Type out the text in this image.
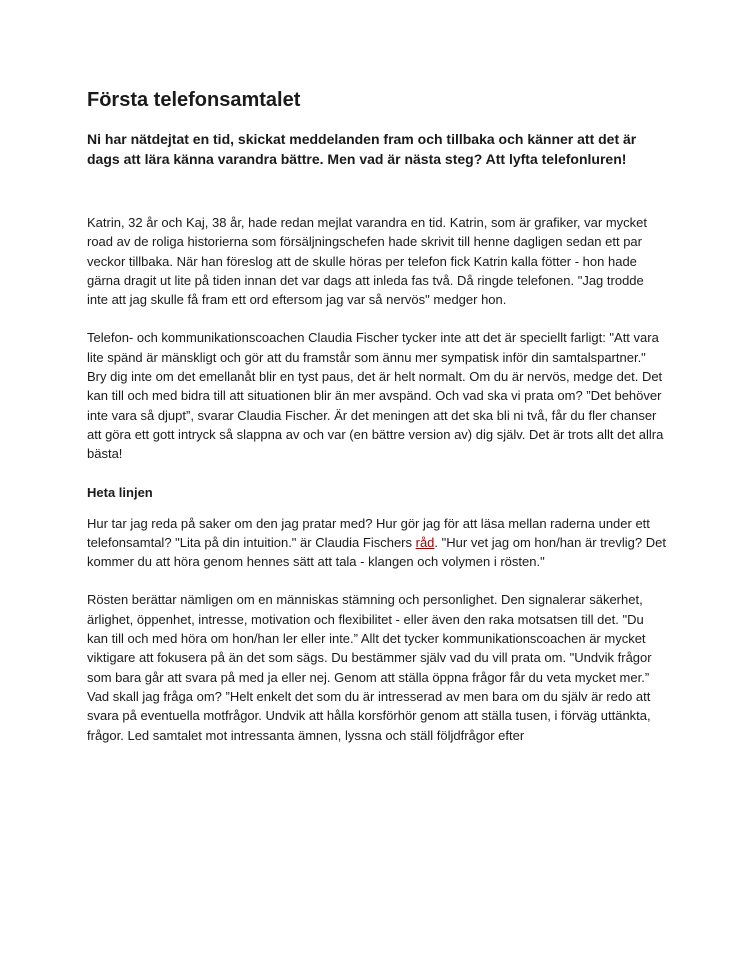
Första telefonsamtalet

Ni har nätdejtat en tid, skickat meddelanden fram och tillbaka och känner att det är dags att lära känna varandra bättre. Men vad är nästa steg? Att lyfta telefonluren!

Katrin, 32 år och Kaj, 38 år, hade redan mejlat varandra en tid. Katrin, som är grafiker, var mycket road av de roliga historierna som försäljningschefen hade skrivit till henne dagligen sedan ett par veckor tillbaka. När han föreslog att de skulle höras per telefon fick Katrin kalla fötter - hon hade gärna dragit ut lite på tiden innan det var dags att inleda fas två. Då ringde telefonen. "Jag trodde inte att jag skulle få fram ett ord eftersom jag var så nervös" medger hon.

Telefon- och kommunikationscoachen Claudia Fischer tycker inte att det är speciellt farligt: "Att vara lite spänd är mänskligt och gör att du framstår som ännu mer sympatisk inför din samtalspartner." Bry dig inte om det emellanåt blir en tyst paus, det är helt normalt. Om du är nervös, medge det. Det kan till och med bidra till att situationen blir än mer avspänd. Och vad ska vi prata om? ”Det behöver inte vara så djupt”, svarar Claudia Fischer. Är det meningen att det ska bli ni två, får du fler chanser att göra ett gott intryck så slappna av och var (en bättre version av) dig själv. Det är trots allt det allra bästa!

Heta linjen

Hur tar jag reda på saker om den jag pratar med? Hur gör jag för att läsa mellan raderna under ett telefonsamtal? "Lita på din intuition." är Claudia Fischers råd. "Hur vet jag om hon/han är trevlig? Det kommer du att höra genom hennes sätt att tala - klangen och volymen i rösten."

Rösten berättar nämligen om en människas stämning och personlighet. Den signalerar säkerhet, ärlighet, öppenhet, intresse, motivation och flexibilitet - eller även den raka motsatsen till det. "Du kan till och med höra om hon/han ler eller inte.” Allt det tycker kommunikationscoachen är mycket viktigare att fokusera på än det som sägs. Du bestämmer själv vad du vill prata om. "Undvik frågor som bara går att svara på med ja eller nej. Genom att ställa öppna frågor får du veta mycket mer.” Vad skall jag fråga om? ”Helt enkelt det som du är intresserad av men bara om du själv är redo att svara på eventuella motfrågor. Undvik att hålla korsförhör genom att ställa tusen, i förväg uttänkta, frågor. Led samtalet mot intressanta ämnen, lyssna och ställ följdfrågor efter
